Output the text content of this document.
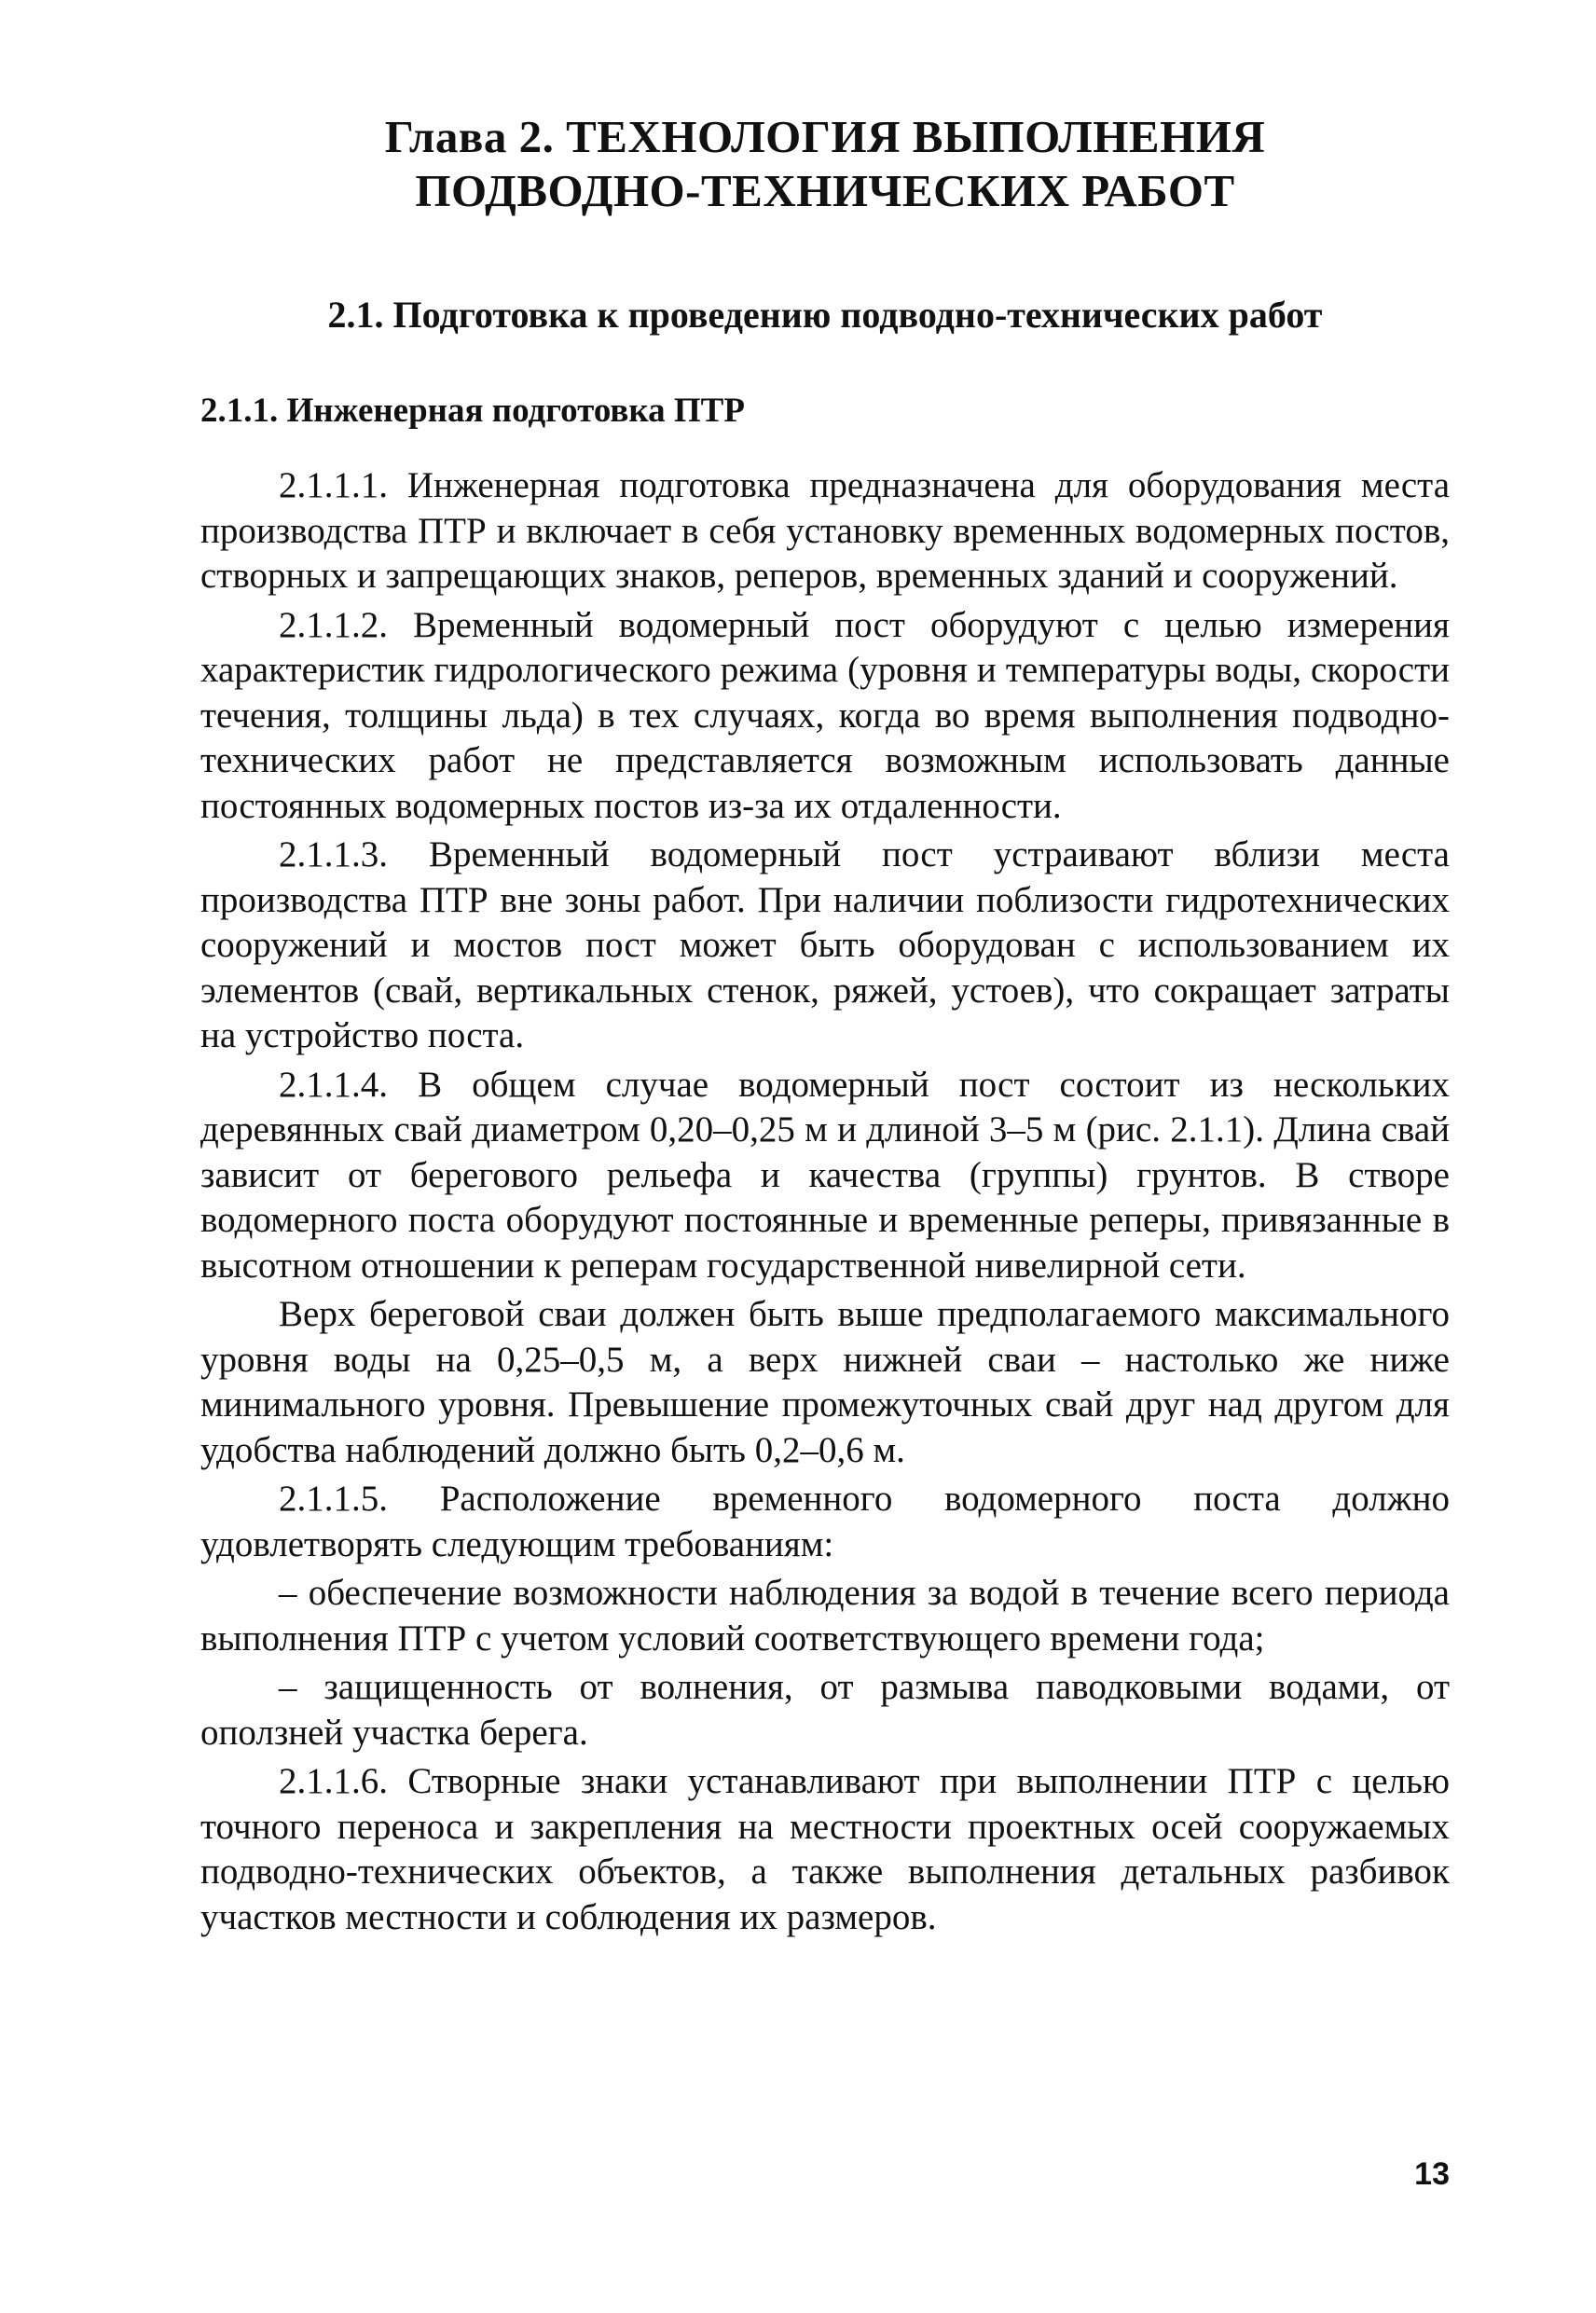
Глава 2. ТЕХНОЛОГИЯ ВЫПОЛНЕНИЯ
ПОДВОДНО-ТЕХНИЧЕСКИХ РАБОТ
2.1. Подготовка к проведению подводно-технических работ
2.1.1. Инженерная подготовка ПТР

2.1.1.1. Инженерная подготовка предназначена для оборудования места производства ПТР и включает в себя установку временных водомерных постов, створных и запрещающих знаков, реперов, временных зданий и сооружений.

2.1.1.2. Временный водомерный пост оборудуют с целью измерения характеристик гидрологического режима (уровня и температуры воды, скорости течения, толщины льда) в тех случаях, когда во время выполнения подводно-технических работ не представляется возможным использовать данные постоянных водомерных постов из-за их отдаленности.

2.1.1.3. Временный водомерный пост устраивают вблизи места производства ПТР вне зоны работ. При наличии поблизости гидротехнических сооружений и мостов пост может быть оборудован с использованием их элементов (свай, вертикальных стенок, ряжей, устоев), что сокращает затраты на устройство поста.

2.1.1.4. В общем случае водомерный пост состоит из нескольких деревянных свай диаметром 0,20–0,25 м и длиной 3–5 м (рис. 2.1.1). Длина свай зависит от берегового рельефа и качества (группы) грунтов. В створе водомерного поста оборудуют постоянные и временные реперы, привязанные в высотном отношении к реперам государственной нивелирной сети.

Верх береговой сваи должен быть выше предполагаемого максимального уровня воды на 0,25–0,5 м, а верх нижней сваи – настолько же ниже минимального уровня. Превышение промежуточных свай друг над другом для удобства наблюдений должно быть 0,2–0,6 м.

2.1.1.5. Расположение временного водомерного поста должно удовлетворять следующим требованиям:

– обеспечение возможности наблюдения за водой в течение всего периода выполнения ПТР с учетом условий соответствующего времени года;

– защищенность от волнения, от размыва паводковыми водами, от оползней участка берега.

2.1.1.6. Створные знаки устанавливают при выполнении ПТР с целью точного переноса и закрепления на местности проектных осей сооружаемых подводно-технических объектов, а также выполнения детальных разбивок участков местности и соблюдения их размеров.

13
